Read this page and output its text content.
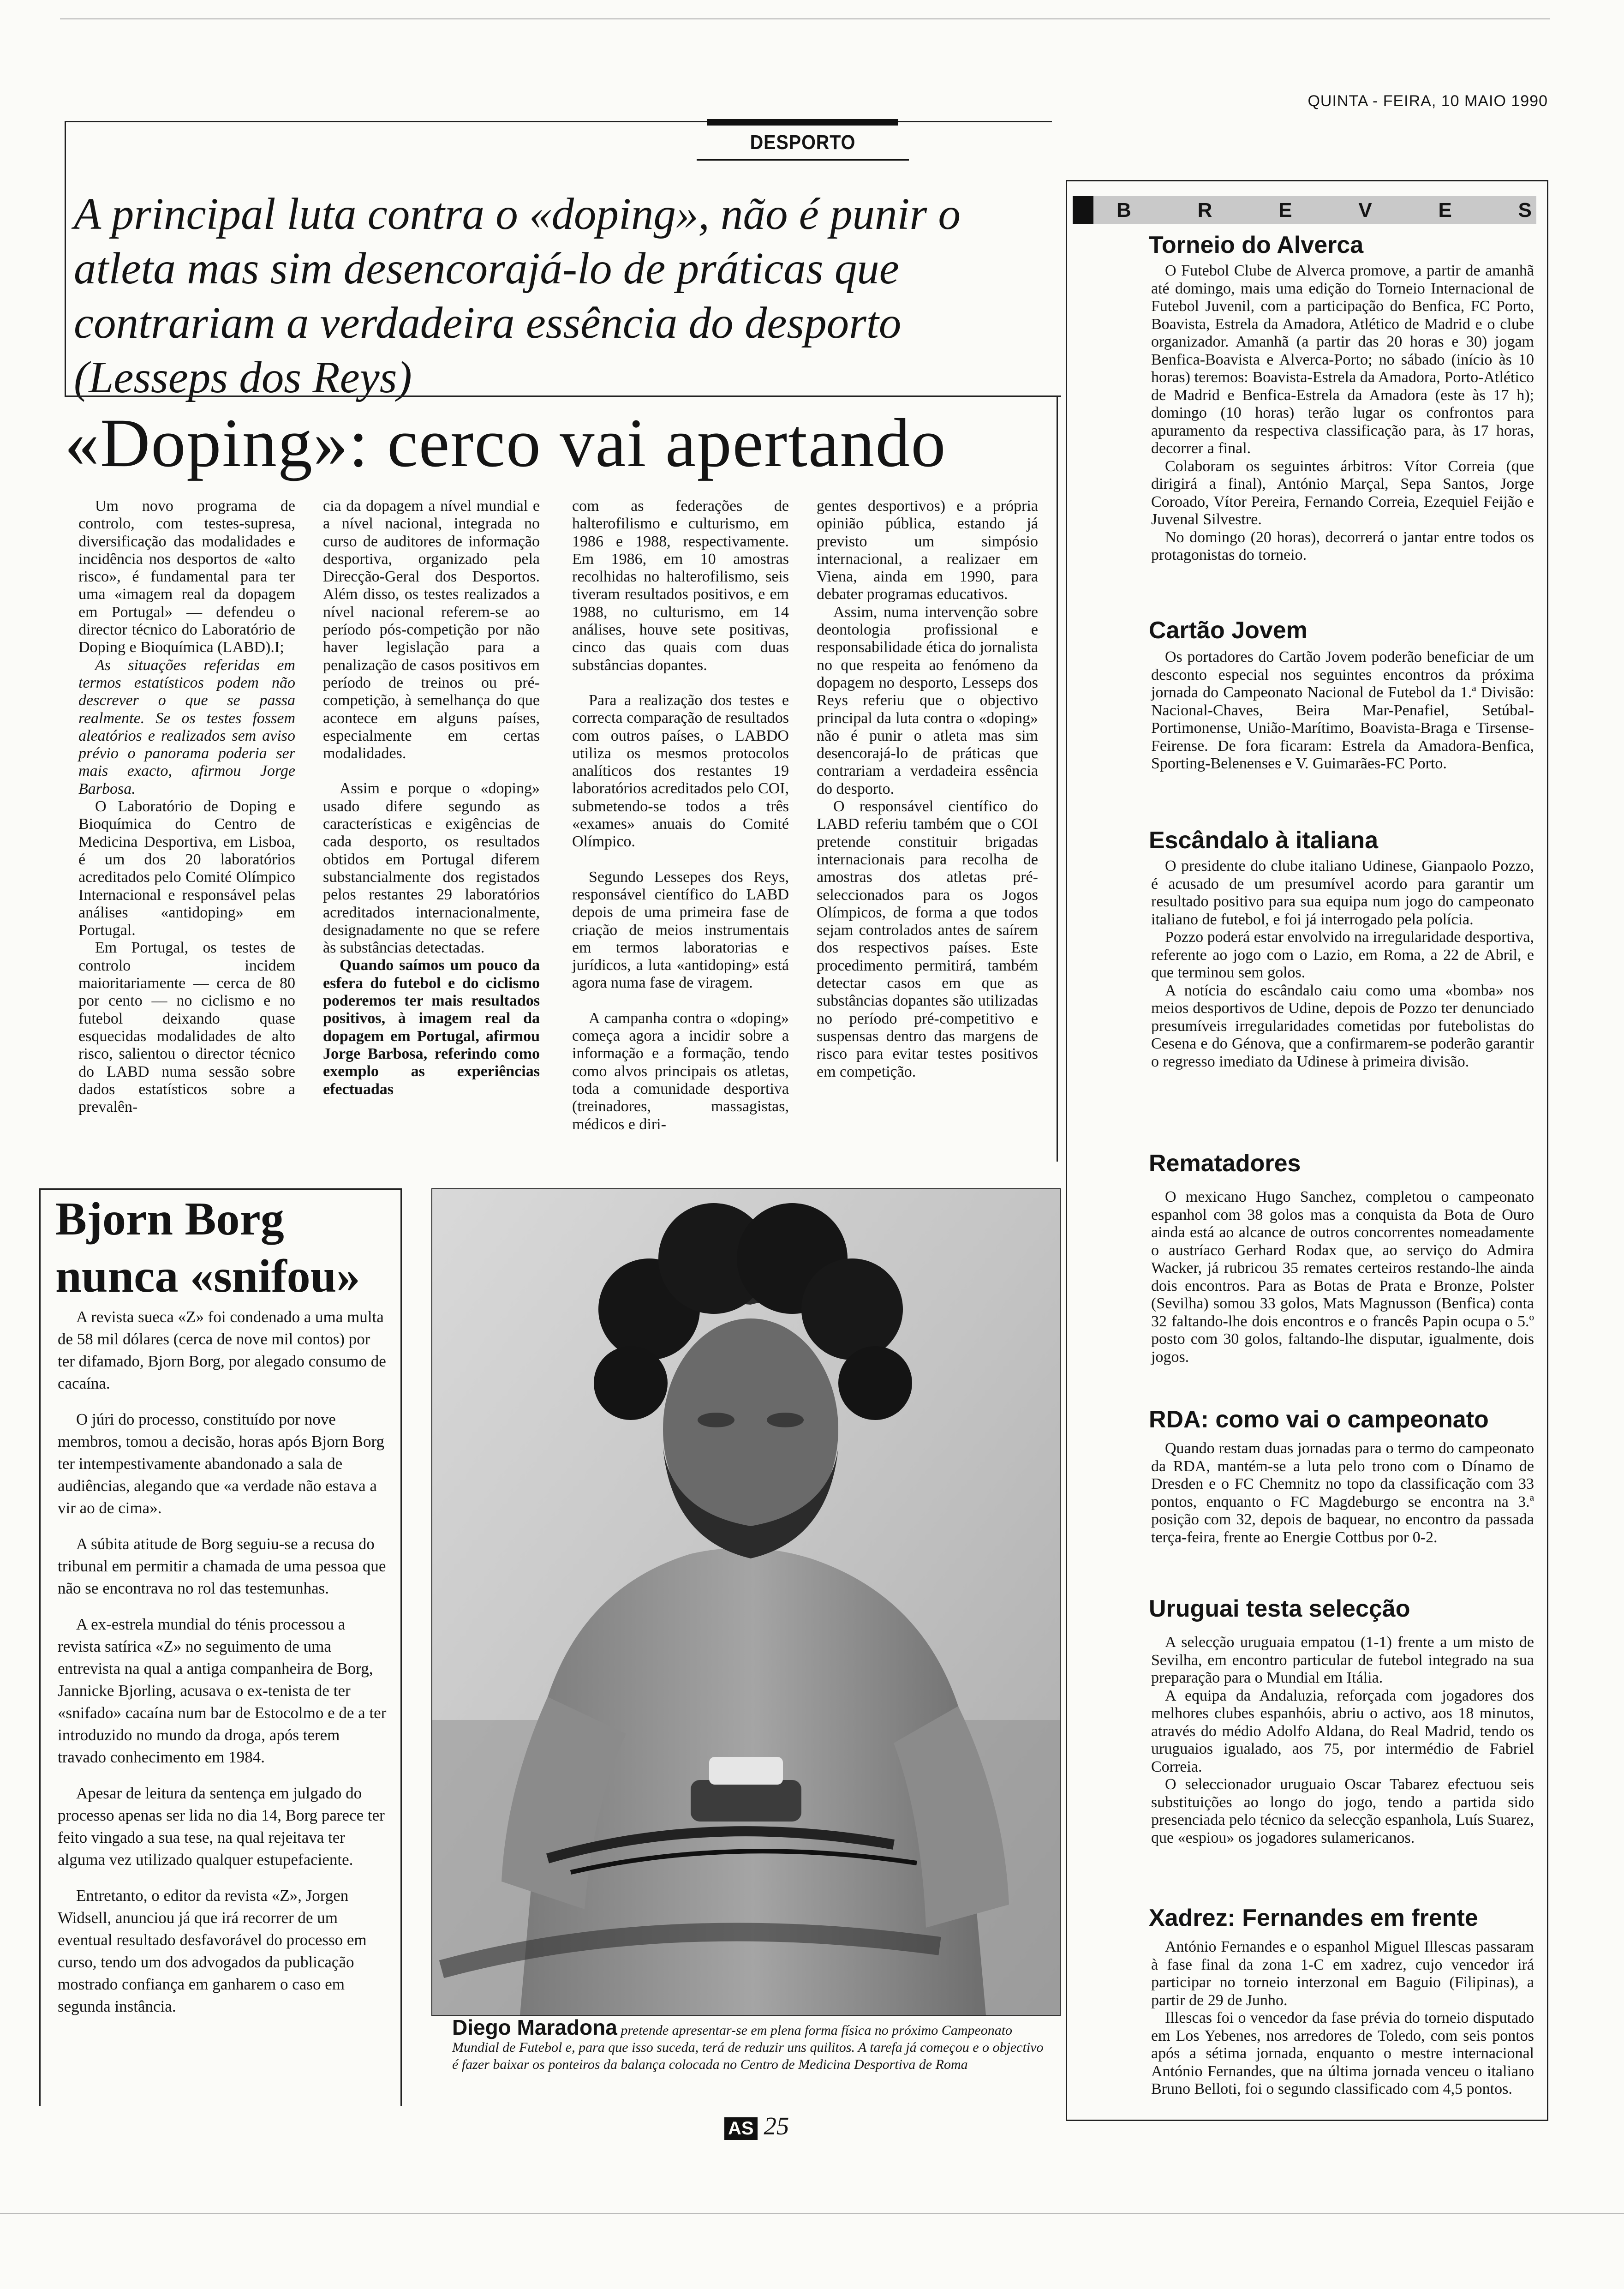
QUINTA - FEIRA, 10 MAIO 1990
DESPORTO
A principal luta contra o «doping», não é punir o atleta mas sim desencorajá-lo de práticas que contrariam a verdadeira essência do desporto (Lesseps dos Reys)
«Doping»: cerco vai apertando

Um novo programa de controlo, com testes-supresa, diversificação das modalidades e incidência nos desportos de «alto risco», é fundamental para ter uma «imagem real da dopagem em Portugal» — defendeu o director técnico do Laboratório de Doping e Bioquímica (LABD).I;

As situações referidas em termos estatísticos podem não descrever o que se passa realmente. Se os testes fossem aleatórios e realizados sem aviso prévio o panorama poderia ser mais exacto, afirmou Jorge Barbosa.

O Laboratório de Doping e Bioquímica do Centro de Medicina Desportiva, em Lisboa, é um dos 20 laboratórios acreditados pelo Comité Olímpico Internacional e responsável pelas análises «antidoping» em Portugal.

Em Portugal, os testes de controlo incidem maioritariamente — cerca de 80 por cento — no ciclismo e no futebol deixando quase esquecidas modalidades de alto risco, salientou o director técnico do LABD numa sessão sobre dados estatísticos sobre a prevalên-

cia da dopagem a nível mundial e a nível nacional, integrada no curso de auditores de informação desportiva, organizado pela Direcção-Geral dos Desportos. Além disso, os testes realizados a nível nacional referem-se ao período pós-competição por não haver legislação para a penalização de casos positivos em período de treinos ou pré-competição, à semelhança do que acontece em alguns países, especialmente em certas modalidades.

Assim e porque o «doping» usado difere segundo as características e exigências de cada desporto, os resultados obtidos em Portugal diferem substancialmente dos registados pelos restantes 29 laboratórios acreditados internacionalmente, designadamente no que se refere às substâncias detectadas.

Quando saímos um pouco da esfera do futebol e do ciclismo poderemos ter mais resultados positivos, à imagem real da dopagem em Portugal, afirmou Jorge Barbosa, referindo como exemplo as experiências efectuadas

com as federações de halterofilismo e culturismo, em 1986 e 1988, respectivamente. Em 1986, em 10 amostras recolhidas no halterofilismo, seis tiveram resultados positivos, e em 1988, no culturismo, em 14 análises, houve sete positivas, cinco das quais com duas substâncias dopantes.

Para a realização dos testes e correcta comparação de resultados com outros países, o LABDO utiliza os mesmos protocolos analíticos dos restantes 19 laboratórios acreditados pelo COI, submetendo-se todos a três «exames» anuais do Comité Olímpico.

Segundo Lessepes dos Reys, responsável científico do LABD depois de uma primeira fase de criação de meios instrumentais em termos laboratorias e jurídicos, a luta «antidoping» está agora numa fase de viragem.

A campanha contra o «doping» começa agora a incidir sobre a informação e a formação, tendo como alvos principais os atletas, toda a comunidade desportiva (treinadores, massagistas, médicos e diri-

gentes desportivos) e a própria opinião pública, estando já previsto um simpósio internacional, a realizaer em Viena, ainda em 1990, para debater programas educativos.

Assim, numa intervenção sobre deontologia profissional e responsabilidade ética do jornalista no que respeita ao fenómeno da dopagem no desporto, Lesseps dos Reys referiu que o objectivo principal da luta contra o «doping» não é punir o atleta mas sim desencorajá-lo de práticas que contrariam a verdadeira essência do desporto.

O responsável científico do LABD referiu também que o COI pretende constituir brigadas internacionais para recolha de amostras dos atletas pré-seleccionados para os Jogos Olímpicos, de forma a que todos sejam controlados antes de saírem dos respectivos países. Este procedimento permitirá, também detectar casos em que as substâncias dopantes são utilizadas no período pré-competitivo e suspensas dentro das margens de risco para evitar testes positivos em competição.

Bjorn Borg nunca «snifou»

A revista sueca «Z» foi condenado a uma multa de 58 mil dólares (cerca de nove mil contos) por ter difamado, Bjorn Borg, por alegado consumo de cacaína.

O júri do processo, constituído por nove membros, tomou a decisão, horas após Bjorn Borg ter intempestivamente abandonado a sala de audiências, alegando que «a verdade não estava a vir ao de cima».

A súbita atitude de Borg seguiu-se a recusa do tribunal em permitir a chamada de uma pessoa que não se encontrava no rol das testemunhas.

A ex-estrela mundial do ténis processou a revista satírica «Z» no seguimento de uma entrevista na qual a antiga companheira de Borg, Jannicke Bjorling, acusava o ex-tenista de ter «snifado» cacaína num bar de Estocolmo e de a ter introduzido no mundo da droga, após terem travado conhecimento em 1984.

Apesar de leitura da sentença em julgado do processo apenas ser lida no dia 14, Borg parece ter feito vingado a sua tese, na qual rejeitava ter alguma vez utilizado qualquer estupefaciente.

Entretanto, o editor da revista «Z», Jorgen Widsell, anunciou já que irá recorrer de um eventual resultado desfavorável do processo em curso, tendo um dos advogados da publicação mostrado confiança em ganharem o caso em segunda instância.

Diego Maradona pretende apresentar-se em plena forma física no próximo Campeonato Mundial de Futebol e, para que isso suceda, terá de reduzir uns quilitos. A tarefa já começou e o objectivo é fazer baixar os ponteiros da balança colocada no Centro de Medicina Desportiva de Roma
AS 25
B	R	E	V	E	S
Torneio do Alverca

O Futebol Clube de Alverca promove, a partir de amanhã até domingo, mais uma edição do Torneio Internacional de Futebol Juvenil, com a participação do Benfica, FC Porto, Boavista, Estrela da Amadora, Atlético de Madrid e o clube organizador. Amanhã (a partir das 20 horas e 30) jogam Benfica-Boavista e Alverca-Porto; no sábado (início às 10 horas) teremos: Boavista-Estrela da Amadora, Porto-Atlético de Madrid e Benfica-Estrela da Amadora (este às 17 h); domingo (10 horas) terão lugar os confrontos para apuramento da respectiva classificação para, às 17 horas, decorrer a final.

Colaboram os seguintes árbitros: Vítor Correia (que dirigirá a final), António Marçal, Sepa Santos, Jorge Coroado, Vítor Pereira, Fernando Correia, Ezequiel Feijão e Juvenal Silvestre.

No domingo (20 horas), decorrerá o jantar entre todos os protagonistas do torneio.

Cartão Jovem

Os portadores do Cartão Jovem poderão beneficiar de um desconto especial nos seguintes encontros da próxima jornada do Campeonato Nacional de Futebol da 1.ª Divisão: Nacional-Chaves, Beira Mar-Penafiel, Setúbal-Portimonense, União-Marítimo, Boavista-Braga e Tirsense-Feirense. De fora ficaram: Estrela da Amadora-Benfica, Sporting-Belenenses e V. Guimarães-FC Porto.

Escândalo à italiana

O presidente do clube italiano Udinese, Gianpaolo Pozzo, é acusado de um presumível acordo para garantir um resultado positivo para sua equipa num jogo do campeonato italiano de futebol, e foi já interrogado pela polícia.

Pozzo poderá estar envolvido na irregularidade desportiva, referente ao jogo com o Lazio, em Roma, a 22 de Abril, e que terminou sem golos.

A notícia do escândalo caiu como uma «bomba» nos meios desportivos de Udine, depois de Pozzo ter denunciado presumíveis irregularidades cometidas por futebolistas do Cesena e do Génova, que a confirmarem-se poderão garantir o regresso imediato da Udinese à primeira divisão.

Rematadores

O mexicano Hugo Sanchez, completou o campeonato espanhol com 38 golos mas a conquista da Bota de Ouro ainda está ao alcance de outros concorrentes nomeadamente o austríaco Gerhard Rodax que, ao serviço do Admira Wacker, já rubricou 35 remates certeiros restando-lhe ainda dois encontros. Para as Botas de Prata e Bronze, Polster (Sevilha) somou 33 golos, Mats Magnusson (Benfica) conta 32 faltando-lhe dois encontros e o francês Papin ocupa o 5.º posto com 30 golos, faltando-lhe disputar, igualmente, dois jogos.

RDA: como vai o campeonato

Quando restam duas jornadas para o termo do campeonato da RDA, mantém-se a luta pelo trono com o Dínamo de Dresden e o FC Chemnitz no topo da classificação com 33 pontos, enquanto o FC Magdeburgo se encontra na 3.ª posição com 32, depois de baquear, no encontro da passada terça-feira, frente ao Energie Cottbus por 0-2.

Uruguai testa selecção

A selecção uruguaia empatou (1-1) frente a um misto de Sevilha, em encontro particular de futebol integrado na sua preparação para o Mundial em Itália.

A equipa da Andaluzia, reforçada com jogadores dos melhores clubes espanhóis, abriu o activo, aos 18 minutos, através do médio Adolfo Aldana, do Real Madrid, tendo os uruguaios igualado, aos 75, por intermédio de Fabriel Correia.

O seleccionador uruguaio Oscar Tabarez efectuou seis substituições ao longo do jogo, tendo a partida sido presenciada pelo técnico da selecção espanhola, Luís Suarez, que «espiou» os jogadores sulamericanos.

Xadrez: Fernandes em frente

António Fernandes e o espanhol Miguel Illescas passaram à fase final da zona 1-C em xadrez, cujo vencedor irá participar no torneio interzonal em Baguio (Filipinas), a partir de 29 de Junho.

Illescas foi o vencedor da fase prévia do torneio disputado em Los Yebenes, nos arredores de Toledo, com seis pontos após a sétima jornada, enquanto o mestre internacional António Fernandes, que na última jornada venceu o italiano Bruno Belloti, foi o segundo classificado com 4,5 pontos.
